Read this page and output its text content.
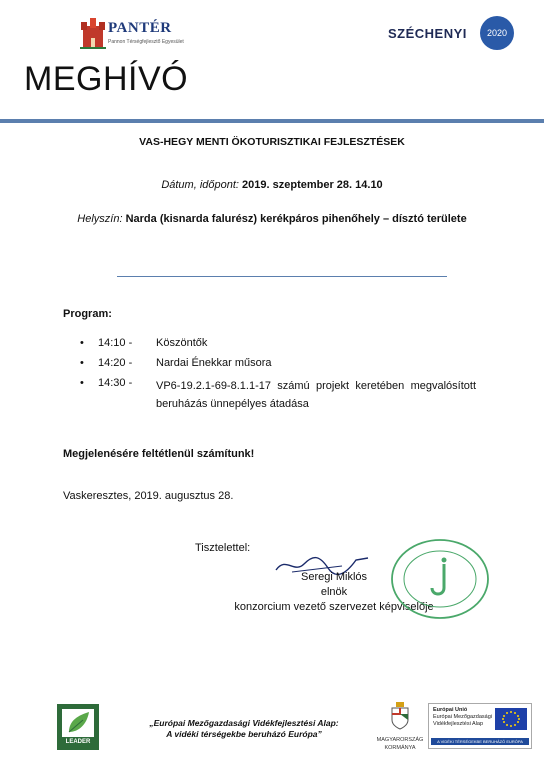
PANTÉR
Pannon Térségfejlesztő Egyesület
SZÉCHENYI	2020
MEGHÍVÓ
VAS-HEGY MENTI ÖKOTURISZTIKAI FEJLESZTÉSEK
Dátum, időpont: 2019. szeptember 28. 14.10
Helyszín: Narda (kisnarda falurész) kerékpáros pihenőhely – dísztó területe
Program:
• 14:10 - Köszöntők
• 14:20 - Nardai Énekkar műsora
• 14:30 - VP6-19.2.1-69-8.1.1-17 számú projekt keretében megvalósított beruházás ünnepélyes átadása
Megjelenésére feltétlenül számítunk!
Vaskeresztes, 2019. augusztus 28.
Tisztelettel:
Seregi Miklós
elnök
konzorcium vezető szervezet képviselője
LEADER
„Európai Mezőgazdasági Vidékfejlesztési Alap:
A vidéki térségekbe beruházó Európa”
MAGYARORSZÁG
KORMÁNYA
Európai Unió
Európai Mezőgazdasági
Vidékfejlesztési Alap
A VIDÉKI TÉRSÉGEKBE BERUHÁZÓ EURÓPA
